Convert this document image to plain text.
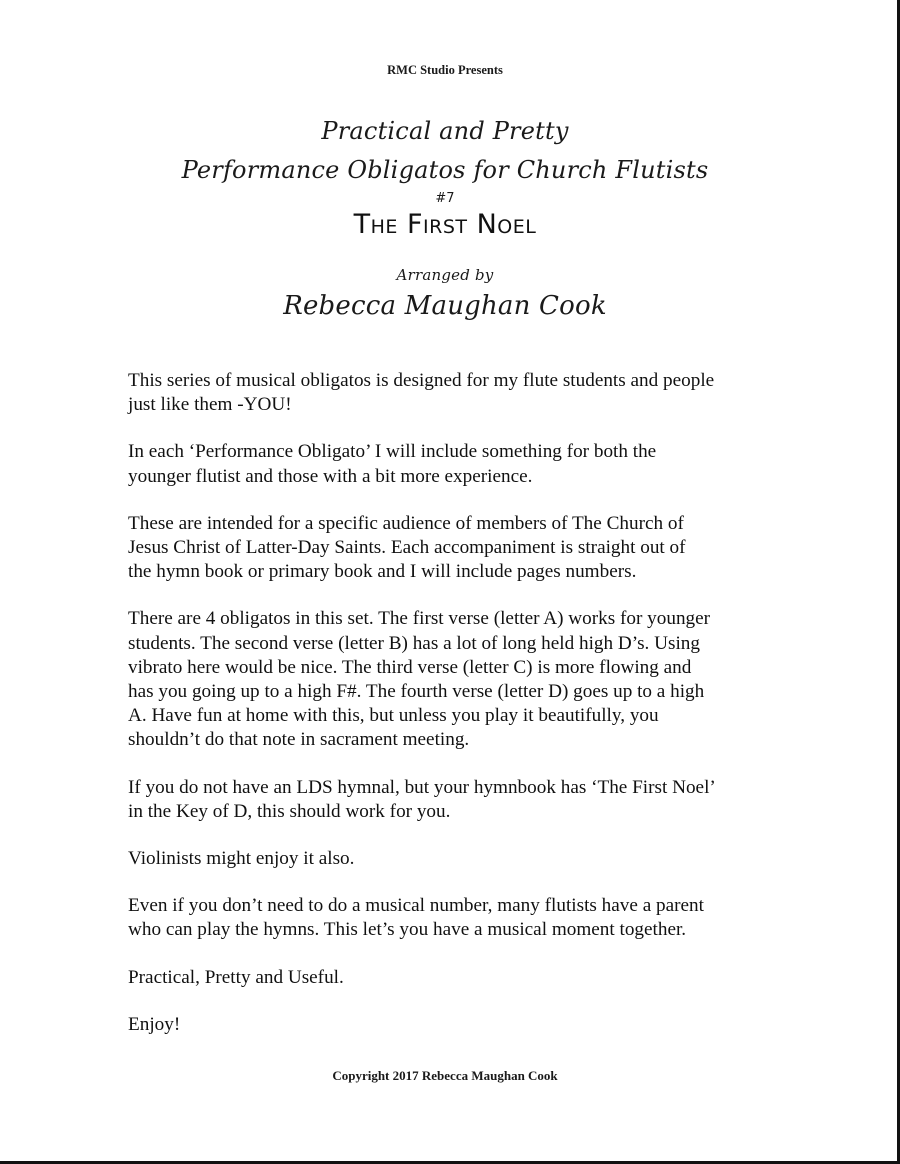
RMC Studio Presents
Practical and Pretty
Performance Obligatos for Church Flutists
#7
The First Noel
Arranged by
Rebecca Maughan Cook

This series of musical obligatos is designed for my flute students and people
just like them -YOU!

In each ‘Performance Obligato’ I will include something for both the
younger flutist and those with a bit more experience.

These are intended for a specific audience of members of The Church of
Jesus Christ of Latter-Day Saints. Each accompaniment is straight out of
the hymn book or primary book and I will include pages numbers.

There are 4 obligatos in this set. The first verse (letter A) works for younger
students. The second verse (letter B) has a lot of long held high D’s. Using
vibrato here would be nice. The third verse (letter C) is more flowing and
has you going up to a high F#. The fourth verse (letter D) goes up to a high
A. Have fun at home with this, but unless you play it beautifully, you
shouldn’t do that note in sacrament meeting.

If you do not have an LDS hymnal, but your hymnbook has ‘The First Noel’
in the Key of D, this should work for you.

Violinists might enjoy it also.

Even if you don’t need to do a musical number, many flutists have a parent
who can play the hymns. This let’s you have a musical moment together.

Practical, Pretty and Useful.

Enjoy!

Copyright 2017 Rebecca Maughan Cook
